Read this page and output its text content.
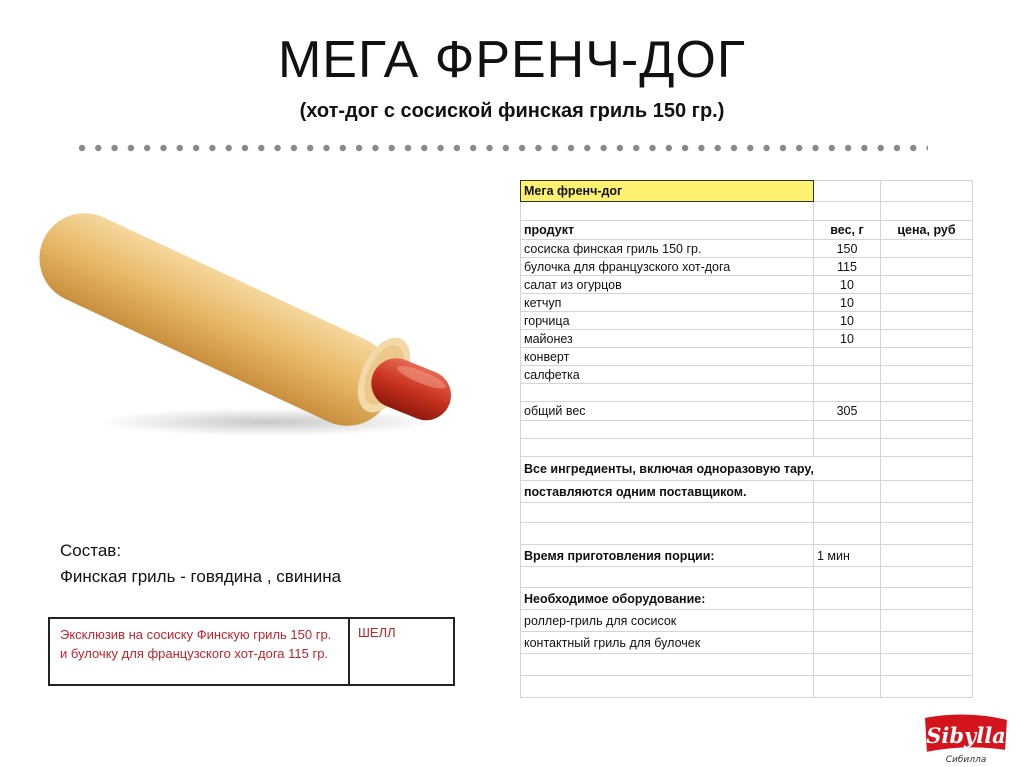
МЕГА ФРЕНЧ-ДОГ
(хот-дог с сосиской финская гриль 150 гр.)
Состав:
Финская гриль - говядина , свинина
Эксклюзив на сосиску Финскую гриль 150 гр. и булочку для французского хот-дога 115 гр.
ШЕЛЛ
Мега френч-дог		

продукт	вес, г	цена, руб
сосиска финская гриль 150 гр.	150	
булочка для французского хот-дога	115	
салат из огурцов	10	
кетчуп	10	
горчица	10	
майонез	10	
конверт		
салфетка		

общий вес	305	

Все ингредиенты, включая одноразовую тару,		
поставляются одним поставщиком.		

Время приготовления порции:	1 мин	

Необходимое оборудование:		
роллер-гриль для сосисок		
контактный гриль для булочек		

Sibylla
Сибилла
